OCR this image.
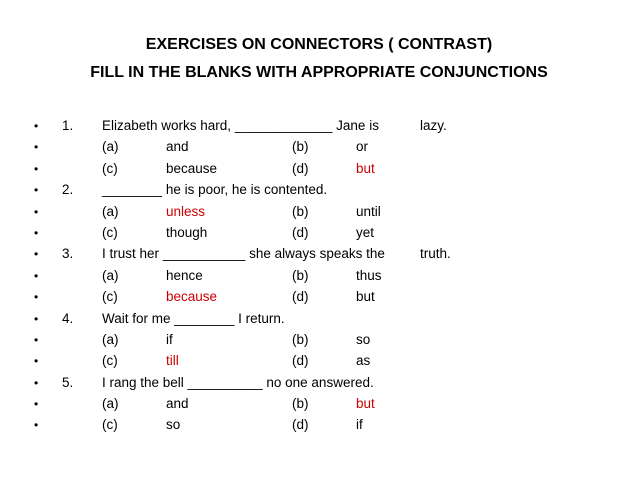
EXERCISES ON CONNECTORS ( CONTRAST)
FILL IN THE BLANKS WITH APPROPRIATE CONJUNCTIONS
• 1. Elizabeth works hard, _____________ Jane is	lazy.
•	(a)	and	(b)	or
•	(c)	because	(d)	but
• 2. ________ he is poor, he is contented.
•	(a)	unless	(b)	until
•	(c)	though	(d)	yet
• 3. I trust her ___________ she always speaks the	truth.
•	(a)	hence	(b)	thus
•	(c)	because	(d)	but
• 4. Wait for me ________ I return.
•	(a)	if	(b)	so
•	(c)	till	(d)	as
• 5. I rang the bell __________ no one answered.
•	(a)	and	(b)	but
•	(c)	so	(d)	if
